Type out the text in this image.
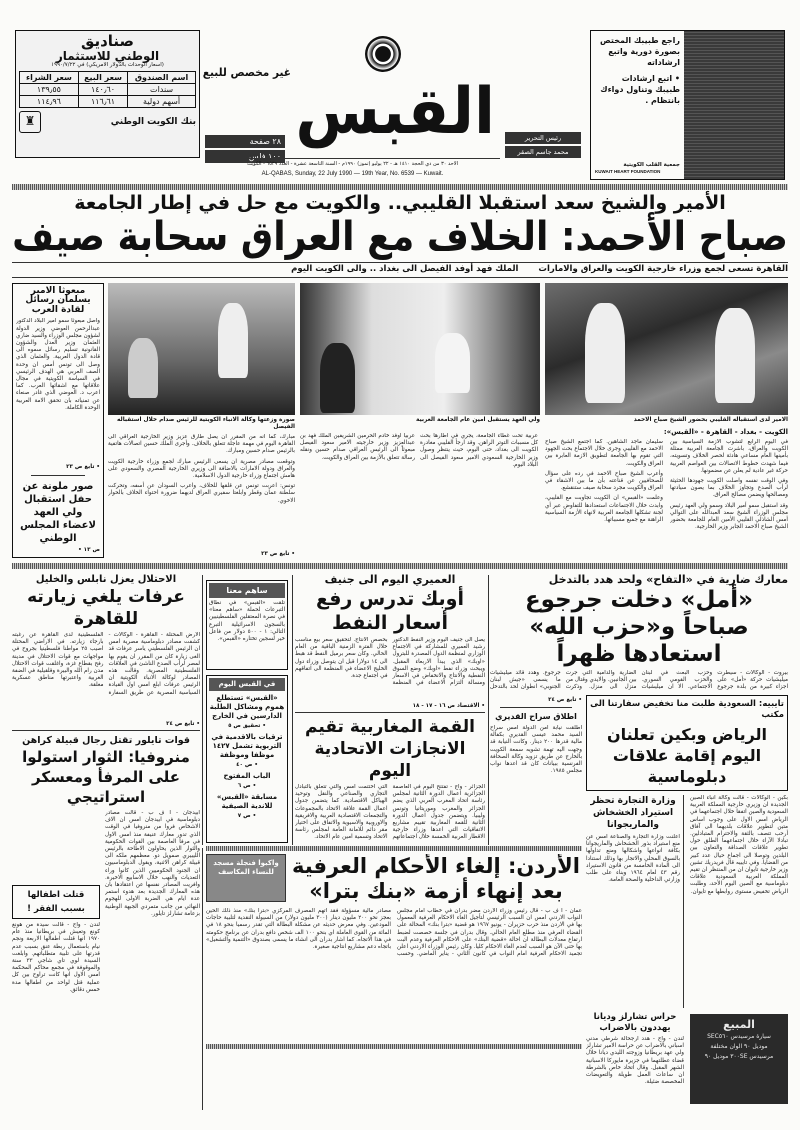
صناديق
الوطني للاستثمار
(اسعار الوحدات بالدولار الامريكي) في ١٩٩٠/٧/٢٢
اسم الصندوق	سعر البيع	سعر الشراء
سندات	١٤٠٫٦٠	١٣٩٫٥٥
أسهم دولية	١١٦٫٦١	١١٤٫٩٦
بنك الكويت الوطني
♜
غير مخصص للبيع
٢٨ صفحة
١٠٠ فلس
القبس	رئيس التحرير
محمد جاسم الصقر
الاحد ٣٠ من ذي الحجة ١٤١٠ هـ - ٢٢ يوليو (تموز) ١٩٩٠م - السنة التاسعة عشرة - العدد ٦٥٣٩ - الكويت
AL-QABAS, Sunday, 22 July 1990 — 19th Year, No. 6539 — Kuwait.
راجع طبيبك المختص بصورة دورية واتبع ارشاداته
• اتبع ارشادات طبيبك وتناول دواءك بانتظام .
جمعية القلب الكويتية
KUWAIT HEART FOUNDATION
الأمير والشيخ سعد استقبلا القليبي.. والكويت مع حل في إطار الجامعة
صباح الأحمد: الخلاف مع العراق سحابة صيف
القاهرة تسعى لجمع وزراء خارجية الكويت والعراق والامارات
الملك فهد أوفد الفيصل الى بغداد .. والى الكويت اليوم
الامير لدى استقباله القليبي بحضور الشيخ صباح الاحمد
ولي العهد يستقبل امين عام الجامعة العربية
صورة وزعتها وكالة الانباء الكويتية للرئيس صدام خلال استقباله الفيصل
مبعوثا الامير يسلمان رسائل لقادة العرب
واصل مبعوثا سمو امير البلاد الدكتور عبدالرحمن العوضي وزير الدولة لشؤون مجلس الوزراء والسيد ضاري العثمان وزير العدل والشؤون القانونية تسليم رسائل سموه الى قادة الدول العربية. والعثمان الذي وصل الى تونس أمس ان وحدة الصف العربي هي الهدف الرئيسي في السياسة الكويتية في مجال علاقاتها مع اشقائها العرب. كما اعرب د. العوضي الذي غادر صنعاء عن تمنياته بان تحقق الامة العربية الوحدة الكاملة.
• تابع ص ٢٣
صور ملونة عن حفل استقبال ولي العهد لاعضاء المجلس الوطني
ص ١٣ •
الكويت - بغداد - القاهرة - «القبس»:

في اليوم الرابع لتشوب الأزمة السياسية بين الكويت والعراق، باشرت الجامعة العربية ممثلة بأمينها العام مساعي هادئة لحصر الخلاف وتسويته، فيما شهدت خطوط الاتصالات بين العواصم العربية حركة غير عادية لم يعلن عن مضمونها.

وفي الوقت نفسه واصلت الكويت جهودها الحثيثة لرأب الصدع وتجاوز الخلاف بما يصون سيادتها ومصالحها ويضمن مصالح العراق.

وقد استقبل سمو أمير البلاد وسمو ولي العهد رئيس مجلس الوزراء الشيخ سعد العبدالله على التوالي أمس الشاذلي القليبي الأمين العام للجامعة بحضور الشيخ صباح الاحمد الجابر وزير الخارجية.

سليمان ماجد الشاهين. كما اجتمع الشيخ صباح الاحمد مع القليبي وجرى خلال الاجتماع بحث الجهود التي تقوم بها الجامعة لتطويق الازمة العابرة بين العراق والكويت.

وأعرب الشيخ صباح الاحمد في رده على سؤال للصحافيين عن قناعته بأن ما بين الاشقاء في العراق والكويت مجرد سحابة صيف ستنقشع.

وعلمت «القبس» ان الكويت تجاوبت مع القليبي، وابدت خلال الاجتماعات استعدادها للتفاوض عبر أي لجنة تشكلها الجامعة العربية لانهاء الأزمة السياسية الراهنة مع جميع مسبباتها.

عربية تحت غطاء الجامعة، يجري في اطارها بحث كل مسببات التوتر الراهن. وقد ارجأ القليبي مغادرة الكويت الى بغداد، حتى اليوم، حيث ينتظر وصول وزير الخارجية السعودي الامير سعود الفيصل الى البلاد اليوم.

عربياً أوفد خادم الحرمين الشريفين الملك فهد بن عبدالعزيز وزير خارجيته الامير سعود الفيصل مبعوثاً الى الرئيس العراقي صدام حسين ونقله رسالة تتعلق بالأزمة بين العراق والكويت.

مبارك، كما انه من المقرر ان يصل طارق عزيز وزير الخارجية العراقي الى القاهرة اليوم في مهمة عاجلة تتعلق بالخلاف. وأجرى الملك حسين اتصالات هاتفية بالرئيس صدام حسين ومبارك.

وتوقعت مصادر مصرية ان يسعى الرئيس مبارك لجمع وزراء خارجية الكويت والعراق ودولة الامارات بالاضافة الى وزيري الخارجية المصري والسعودي على هامش اجتماع وزراء خارجية الدول الاسلامية.

تونس: اعربت تونس عن قلقها للخلاف، واعرب السودان عن أسفه، وتحركت سلطنة عمان وقطر وابلغتا سفيري العراق لديهما ضرورة احتواء الخلاف بالحوار الاخوي.

• تابع ص ٢٣
معارك ضارية في «التفاح» ولحد هدد بالتدخل
«أمل» دخلت جرجوع صباحاً و«حزب الله» استعادها ظهراً
بيروت - الوكالات - سيطرت ميليشيات حركة «أمل» على اجزاء كبيرة من بلدة جرجوع وحزب البعث في لبنان والحزب القومي السوري. الاجتماعي. الا ان ميليشيات الضارية والدامية التي جرت بين الجانبين. والايدي وقتال من منزل الى منزل. وذكرت جرجوع. وهدد قائد ميليشيات ما يسمى «جيش لبنان الجنوبي» انطوان لحد بالتدخل
• تابع ص ٢٤
اطلاق سراح القديري
اطلقت نيابة امن الدولة امس سراح السيد محمد عيسى القديري بكفالة مالية قدرها ٢٠٠ دينار. وكانت النيابة قد وجهت اليه تهمة تشويه سمعة الكويت بالخارج عن طريق تزويد وكالة الصحافة الفرنسية ببيانات كان قد اعدها نواب مجلس ١٩٨٥.
تايبيه: السعودية طلبت منا تخفيض سفارتنا الى مكتب
الرياض وبكين تعلنان اليوم إقامة علاقات دبلوماسية
بكين - الوكالات - قالت وكالة انباء الصين الجديدة ان وزيري خارجية المملكة العربية السعودية والصين اتفقا خلال اجتماعهما في الرياض امس الاول على وجوب اساس متين لتطوير علاقات بلديهما الى آفاق أرحب تتصف بالثقة والاحترام المتبادلين. تبادلا الآراء خلال اجتماعهما الطلق حول تطوير علاقات الصداقة والتعاون بين البلدين وتوصلا الى اجماع حيال عدد كبير من القضايا. وفي تايبيه قال فريدريك تشين وزير خارجية تايوان ان من المنتظر ان تقيم المملكة العربية السعودية علاقات دبلوماسية مع الصين اليوم الأحد، وطلبت الرياض تخفيض مستوى روابطها مع تايوان.
وزارة التجارة تحظر استيراد الخشخاش والماريجوانا
اعلنت وزارة التجارة والصناعة امس عن منع استيراد بذور الخشخاش والماريجوانا بكافة انواعها واشكالها ومنع تداولها بالسوق المحلي والاتجار بها وذلك استنادا الى المادة الخامسة من قانون الاستيراد رقم ٤٣ لعام ١٩٦٤ وبناء على طلب وزارتي الداخلية والصحة العامة.
المبيع
سيارة مرسيدس SEC٥٦٠
موديل ٩٠ الوان مختلفة
مرسيدس ٣٠٠SE موديل ٩٠
حراس تشارلز وديانا يهددون بالاضراب
لندن - واج - هدد ارجحالة شرطي مدني اسباني بالاضراب عن حراسة الامير تشارلز ولي عهد بريطانيا وزوجته الليدي ديانا خلال قضاء عطلتهما في جزيرة مايوركا الاسبانية الشهر المقبل. وقال اتحاد خاص بالشرطة ان ساعات العمل طويلة والتعويضات المخصصة ضئيلة.
العميري اليوم الى جنيف
أوبك تدرس رفع أسعار النفط
يصل الى جنيف اليوم وزير النفط الدكتور رشيد العميري للمشاركة في الاجتماع الوزاري لمنظمة الدول المصدرة للبترول «اوبك» الذي يبدأ الاربعاء المقبل. ويبحث وزراء نفط «اوبك» وضع السوق النفطية والانتاج والانخفاض في الاسعار ومسالة التزام الاعضاء في المنظمة بحصص الانتاج. لتحقيق سعر بيع مناسب خلال الفترة الزمنية الباقية من العام الحالي. وكان سعر برميل النفط قد هبط الى ١٤ دولارا قبل ان يتوصل وزراء دول الخليج الاعضاء في المنظمة الى اتفاقهم في اجتماع جدة.
• الاقتصاد ص ١٦ - ١٧ - ١٨
القمة المغاربية تقيم الانجازات الاتحادية اليوم
الجزائر - واج - تفتتح اليوم في العاصمة الجزائرية اعمال الدورة الثانية لمجلس رئاسة اتحاد المغرب العربي الذي يضم الجزائر والمغرب وموريتانيا وتونس وليبيا. ويتضمن جدول اعمال الدورة الثانية للقمة المغاربية تقييم مشاريع الاتفاقيات التي اعدها وزراء خارجية الاقطار العربية الخمسة خلال اجتماعاتهم التي اختتمت امس والتي تتعلق بالتبادل التجاري والصناعي والنقل وتوحيد الهياكل الاقتصادية. كما يتضمن جدول اعمال القمة علاقة الاتحاد بالمجموعات والتجمعات الاقتصادية العربية والافريقية والاوروبية والاسيوية والاتفاق على اختيار مقر دائم للامانة العامة لمجلس رئاسة الاتحاد وتسمية امين عام الاتحاد.
ساهم معنا
تلقت «القبس» في نطاق التبرعات لحملة «ساهم معنا» في نصرة المعتقلين الفلسطينيين بالسجون الاسرائيلية التبرع التالي: ١ - ٥٠٠ دولار من فاعل خير لسجين تختاره «القبس».
في القبس اليوم
«القبس» تستطلع هموم ومشاكل الطلبة الدارسين في الخارج
• تحقيق ص ٥
ترقيات بالاقدمية في التربوية تشمل ١٤٢٧ موظفا وموظفة
• ص ٤٠
الباب المفتوح
• ص ٦
مسابقة «القبس» للاندية الصيفية
• ص ٧
الاحتلال يعزل نابلس والخليل
عرفات يلغي زيارته للقاهرة
الارض المحتلة - القاهرة - الوكالات - كشفت مصادر دبلوماسية مصرية امس ان الرئيس الفلسطيني ياسر عرفات قد الغى زيارة كان من المقرر ان يقوم بها لمصر لرأب الصدع الناشئ في العلاقات الفلسطينية المصرية. وقالت هذه المصادر لوكالة الانباء الكويتية ان الرئيس عرفات ابلغ امس اول القيادة السياسية المصرية عن طريق السفارة الفلسطينية لدى القاهرة عن رغبته بارجاء زيارته. في الاراضي المحتلة اصيب ٢٥ مواطنا فلسطينيا بجروح في مواجهات مع قوات الاحتلال في مدينة رفح بقطاع غزة، واغلقت قوات الاحتلال مدن رام الله والبيرة وقلقيلية في الضفة الغربية واعتبرتها مناطق عسكرية مغلقة.
• تابع ص ٢٤
قوات تايلور تقتل رجال قبيلة كراهن
منروفيا: الثوار استولوا على المرفأ ومعسكر استراتيجي
ابيدجان - أ ف ب - قالت مصادر دبلوماسية في ابيدجان امس ان الاف الاشخاص فروا من منروفيا في الوقت الذي تدور معارك عنيفة منذ امس الاول في مرفأ العاصمة بين القوات الحكومية والثوار الذين يحاولون الاطاحة بالرئيس الليبيري صمويل دو. معظمهم ملكه الى قبيلة كراهن الاثنية، ويقول الدبلوماسيون ان الجنود الحكوميين الذين كانوا وراء التعديات والنهب خلال الاسابيع الاخيرة. وافريت المصادر نفسها عن اعتقادها بان هذه المعارك الجديدة بعد هدوء استمر عدة ايام هي الضربة الاولى للهجوم النهائي من جانب متمردي الجبهة الوطنية بزعامة تشارلز تايلور.
قتلت اطفالها بسبب الفقر !
لندن - واج - قالت سيدة من هونغ كونغ وتعيش في بريطانيا منذ عام ١٩٧٠ انها قتلت اطفالها الاربعة ونجم نيام باستعمال ربطة عنق بسبب عدم قدرتها على تلبية متطلباتهم. وابلغت السيدة لوي تاي شاجي ٣٣ سنة والموقوفة في مجمع محاكم المحكمة امس الاول انها كانت تراوح بين كل عملية قتل لواحد من اطفالها مدة خمس دقائق.
الأردن: إلغاء الأحكام العرفية
بعد إنهاء أزمة «بنك بترا»
واكبوا فنجلة مسجد للنساء المكاسف
عمان - أ ف ب - قال رئيس وزراء الاردن مضر بدران في خطاب امام مجلس النواب الاردني امس ان السبب الرئيسي لتأجيل الغاء الاحكام العرفية المعمول بها في الاردن منذ حرب حزيران - يونيو ١٩٦٧ هو قضية «بترا بنك» المحالة على القضاء العرفي منذ مطلع العام الحالي. وقال بدران في جلسة خصصت لضبط ارتفاع معدلات البطالة ان احالة «قضية البنك» على الاحكام العرفية وعدم البت بها حتى الآن هو السبب لعدم الغاء الاحكام كليا. وكان رئيس الوزراء الاردني اعلن تجميد الاحكام العرفية امام النواب في كانون الثاني - يناير الماضي. وحسب مصادر مالية مسؤولة فقد اتهم المصرف المركزي «بترا بنك» منذ ذلك الحين بعجز نحو ٢٠٠ مليون دينار (٣٠٠ مليون دولار) من السيولة النقدية لتلبية حاجات المودعين. وفي معرض حديثه عن مشكلة البطالة التي تقدر رسميا بنحو ١٨ في المائة من القوى العاملة اي بنحو ١٠٠ الف شخص دافع بدران عن برنامج حكومته في هذا الاتجاه. كما اشار بدران الى انشاء ما يسمى بصندوق «التنمية والتشغيل» باتجاه دعم مشاريع انتاجية صغيرة.
